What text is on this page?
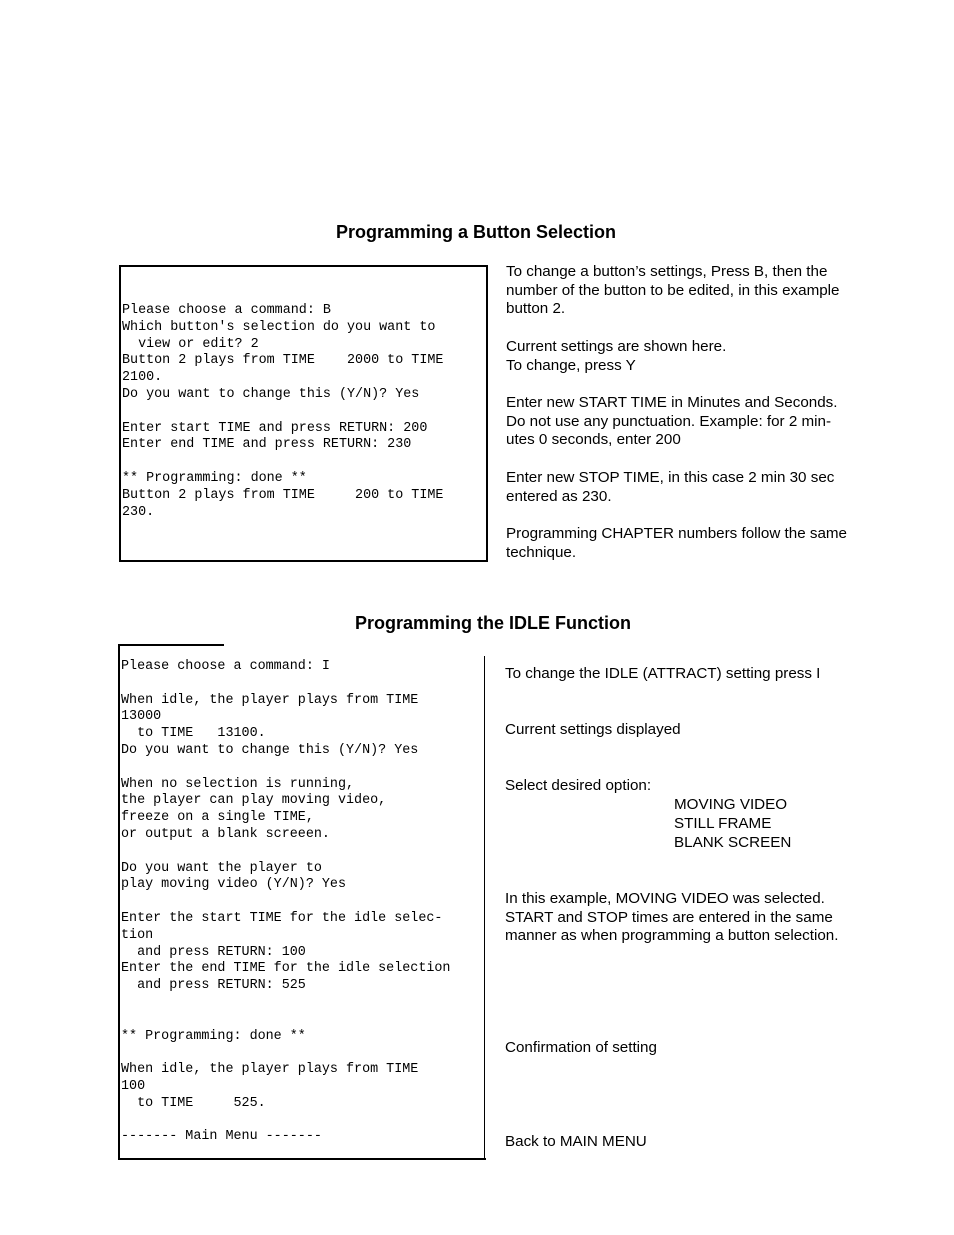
Programming a Button Selection
Please choose a command: B
Which button's selection do you want to
view or edit? 2
Button 2 plays from TIME    2000 to TIME
2100.
Do you want to change this (Y/N)? Yes
Enter start TIME and press RETURN: 200
Enter end TIME and press RETURN: 230
** Programming: done **
Button 2 plays from TIME     200 to TIME
230.
To change a button’s settings, Press B, then the
number of the button to be edited, in this example
button 2.
Current settings are shown here.
To change, press Y
Enter new START TIME in Minutes and Seconds.
Do not use any punctuation. Example: for 2 min-
utes 0 seconds, enter 200
Enter new STOP TIME, in this case 2 min 30 sec
entered as 230.
Programming CHAPTER numbers follow the same
technique.
Programming the IDLE Function
Please choose a command: I
When idle, the player plays from TIME
13000
to TIME   13100.
Do you want to change this (Y/N)? Yes
When no selection is running,
the player can play moving video,
freeze on a single TIME,
or output a blank screeen.
Do you want the player to
play moving video (Y/N)? Yes
Enter the start TIME for the idle selec-
tion
and press RETURN: 100
Enter the end TIME for the idle selection
and press RETURN: 525
** Programming: done **
When idle, the player plays from TIME
100
to TIME     525.
------- Main Menu -------
To change the IDLE (ATTRACT) setting press I
Current settings displayed
Select desired option:
MOVING VIDEO
STILL FRAME
BLANK SCREEN
In this example, MOVING VIDEO was selected.
START and STOP times are entered in the same
manner as when programming a button selection.
Confirmation of setting
Back to MAIN MENU
